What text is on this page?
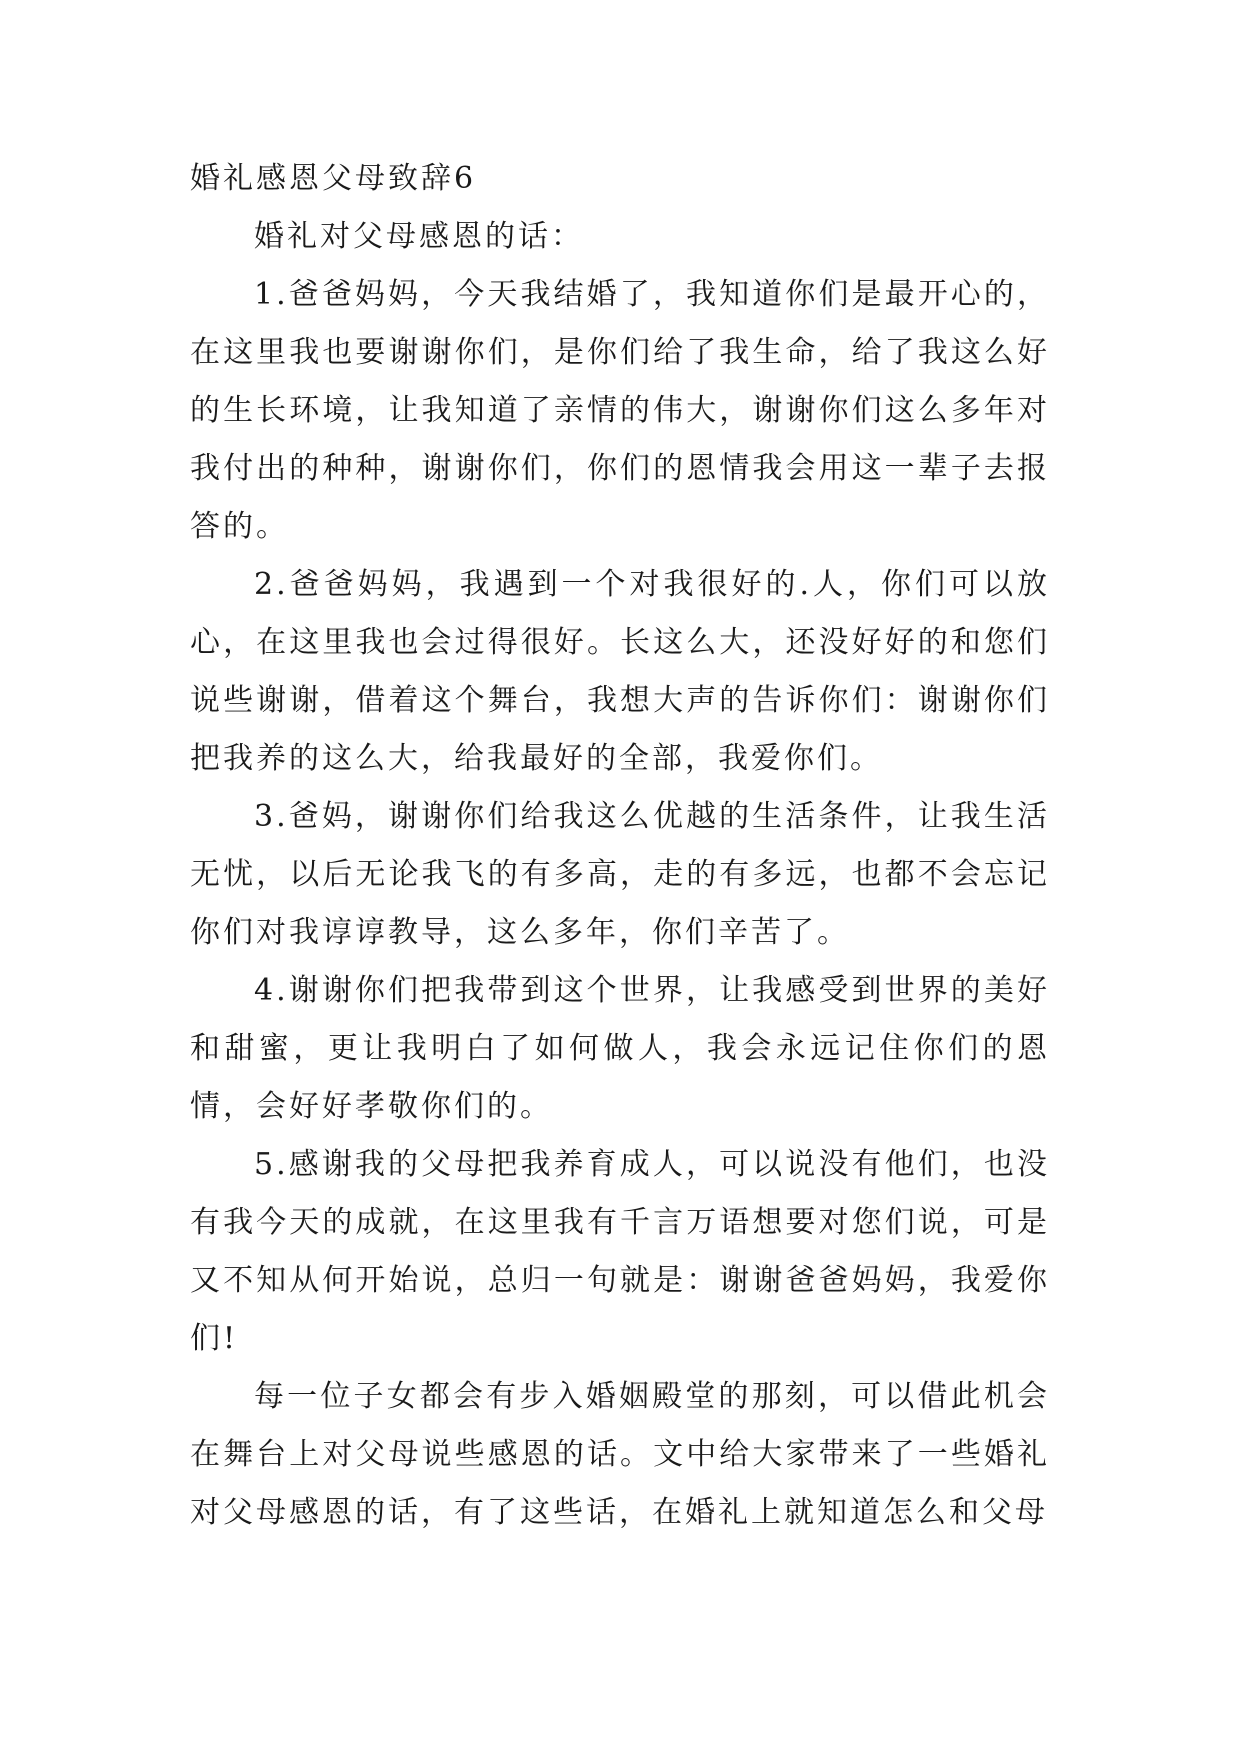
婚礼感恩父母致辞6

婚礼对父母感恩的话：

1.爸爸妈妈，今天我结婚了，我知道你们是最开心的，在这里我也要谢谢你们，是你们给了我生命，给了我这么好的生长环境，让我知道了亲情的伟大，谢谢你们这么多年对我付出的种种，谢谢你们，你们的恩情我会用这一辈子去报答的。

2.爸爸妈妈，我遇到一个对我很好的.人，你们可以放心，在这里我也会过得很好。长这么大，还没好好的和您们说些谢谢，借着这个舞台，我想大声的告诉你们：谢谢你们把我养的这么大，给我最好的全部，我爱你们。

3.爸妈，谢谢你们给我这么优越的生活条件，让我生活无忧，以后无论我飞的有多高，走的有多远，也都不会忘记你们对我谆谆教导，这么多年，你们辛苦了。

4.谢谢你们把我带到这个世界，让我感受到世界的美好和甜蜜，更让我明白了如何做人，我会永远记住你们的恩情，会好好孝敬你们的。

5.感谢我的父母把我养育成人，可以说没有他们，也没有我今天的成就，在这里我有千言万语想要对您们说，可是又不知从何开始说，总归一句就是：谢谢爸爸妈妈，我爱你们!

每一位子女都会有步入婚姻殿堂的那刻，可以借此机会在舞台上对父母说些感恩的话。文中给大家带来了一些婚礼对父母感恩的话，有了这些话，在婚礼上就知道怎么和父母
